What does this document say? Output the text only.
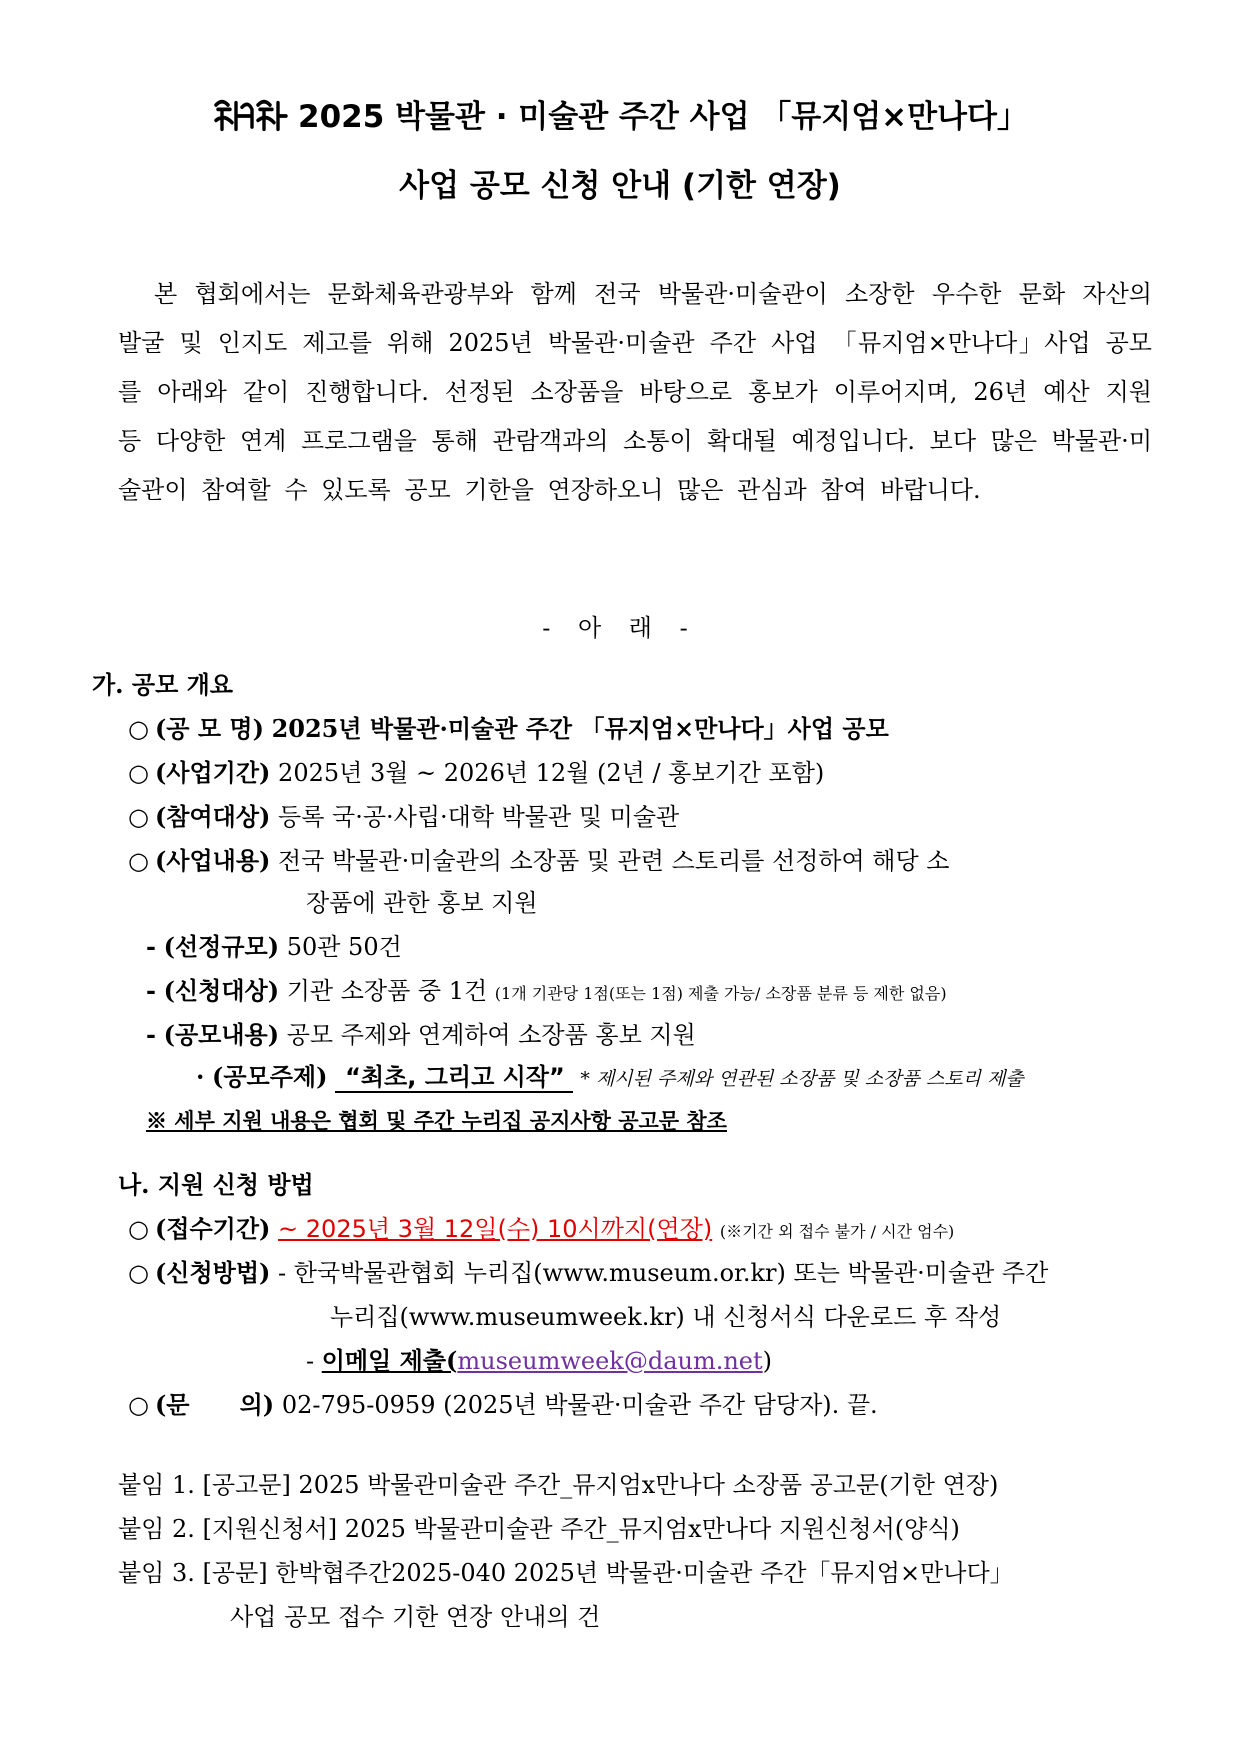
2025 박물관 · 미술관 주간 사업 「뮤지엄×만나다」
사업 공모 신청 안내 (기한 연장)
본 협회에서는 문화체육관광부와 함께 전국 박물관·미술관이 소장한 우수한 문화 자산의 발굴 및 인지도 제고를 위해 2025년 박물관·미술관 주간 사업 「뮤지엄×만나다」사업 공모를 아래와 같이 진행합니다. 선정된 소장품을 바탕으로 홍보가 이루어지며, 26년 예산 지원 등 다양한 연계 프로그램을 통해 관람객과의 소통이 확대될 예정입니다. 보다 많은 박물관·미술관이 참여할 수 있도록 공모 기한을 연장하오니 많은 관심과 참여 바랍니다.
- 아 래 -
가. 공모 개요
○ (공 모 명) 2025년 박물관·미술관 주간 「뮤지엄×만나다」사업 공모
○ (사업기간) 2025년 3월 ~ 2026년 12월 (2년 / 홍보기간 포함)
○ (참여대상) 등록 국·공·사립·대학 박물관 및 미술관
○ (사업내용) 전국 박물관·미술관의 소장품 및 관련 스토리를 선정하여 해당 소
장품에 관한 홍보 지원
- (선정규모) 50관 50건
- (신청대상) 기관 소장품 중 1건 (1개 기관당 1점(또는 1점) 제출 가능/ 소장품 분류 등 제한 없음)
- (공모내용) 공모 주제와 연계하여 소장품 홍보 지원
· (공모주제) “최초, 그리고 시작” * 제시된 주제와 연관된 소장품 및 소장품 스토리 제출
※ 세부 지원 내용은 협회 및 주간 누리집 공지사항 공고문 참조
나. 지원 신청 방법
○ (접수기간) ~ 2025년 3월 12일(수) 10시까지(연장) (※기간 외 접수 불가 / 시간 엄수)
○ (신청방법) - 한국박물관협회 누리집(www.museum.or.kr) 또는 박물관·미술관 주간
누리집(www.museumweek.kr) 내 신청서식 다운로드 후 작성
- 이메일 제출(museumweek@daum.net)
○ (문      의) 02-795-0959 (2025년 박물관·미술관 주간 담당자). 끝.
붙임 1. [공고문] 2025 박물관미술관 주간_뮤지엄x만나다 소장품 공고문(기한 연장)
붙임 2. [지원신청서] 2025 박물관미술관 주간_뮤지엄x만나다 지원신청서(양식)
붙임 3. [공문] 한박협주간2025-040 2025년 박물관·미술관 주간「뮤지엄×만나다」
사업 공모 접수 기한 연장 안내의 건
